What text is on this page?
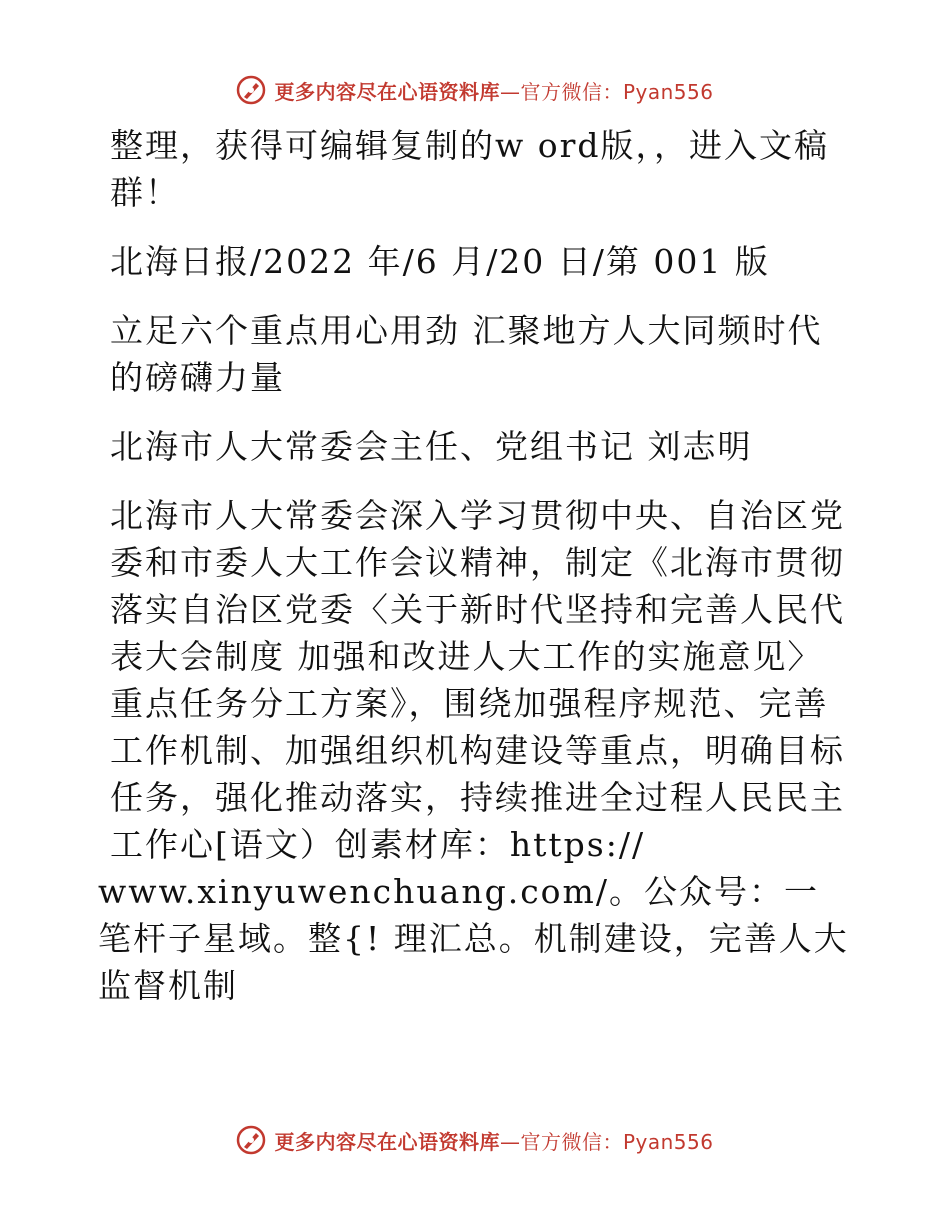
更多内容尽在心语资料库—官方微信：Pyan556

整理，获得可编辑复制的w ord版，，进入文稿群！

北海日报/2022 年/6 月/20 日/第 001 版

立足六个重点用心用劲 汇聚地方人大同频时代的磅礴力量

北海市人大常委会主任、党组书记 刘志明

北海市人大常委会深入学习贯彻中央、自治区党委和市委人大工作会议精神，制定《北海市贯彻落实自治区党委〈关于新时代坚持和完善人民代表大会制度 加强和改进人大工作的实施意见〉重点任务分工方案》，围绕加强程序规范、完善工作机制、加强组织机构建设等重点，明确目标任务，强化推动落实，持续推进全过程人民民主工作心[语文）创素材库：https://

www.xinyuwenchuang.com/。公众号：一笔杆子星域。整{! 理汇总。机制建设，完善人大监督机制

更多内容尽在心语资料库—官方微信：Pyan556
